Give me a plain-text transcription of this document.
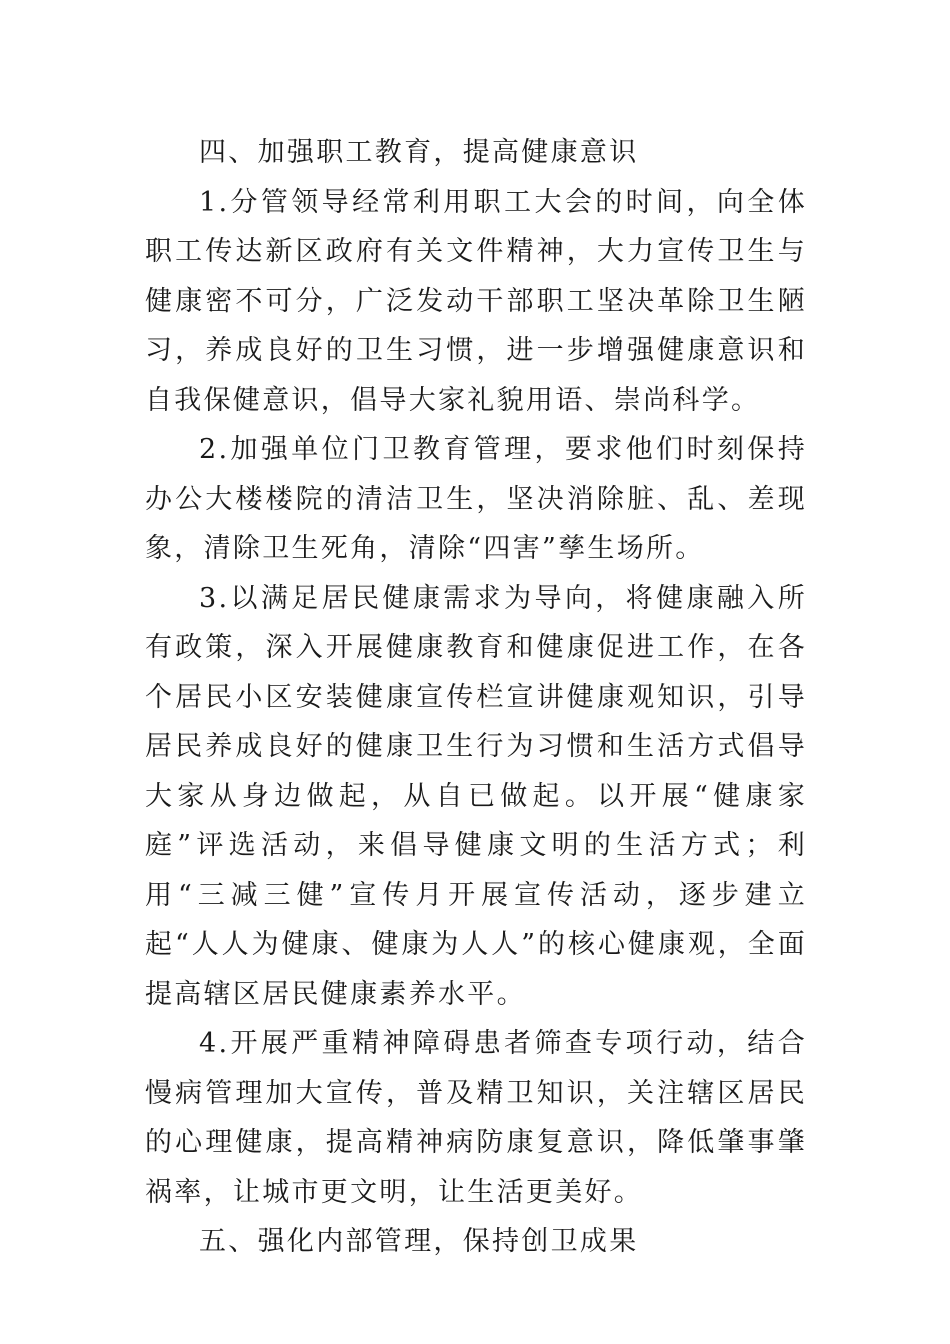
四、加强职工教育，提高健康意识

1.分管领导经常利用职工大会的时间，向全体职工传达新区政府有关文件精神，大力宣传卫生与健康密不可分，广泛发动干部职工坚决革除卫生陋习，养成良好的卫生习惯，进一步增强健康意识和自我保健意识，倡导大家礼貌用语、崇尚科学。

2.加强单位门卫教育管理，要求他们时刻保持办公大楼楼院的清洁卫生，坚决消除脏、乱、差现象，清除卫生死角，清除“四害”孳生场所。

3.以满足居民健康需求为导向，将健康融入所有政策，深入开展健康教育和健康促进工作，在各个居民小区安装健康宣传栏宣讲健康观知识，引导居民养成良好的健康卫生行为习惯和生活方式倡导大家从身边做起，从自已做起。以开展“健康家庭”评选活动，来倡导健康文明的生活方式；利用“三减三健”宣传月开展宣传活动，逐步建立起“人人为健康、健康为人人”的核心健康观，全面提高辖区居民健康素养水平。

4.开展严重精神障碍患者筛查专项行动，结合慢病管理加大宣传，普及精卫知识，关注辖区居民的心理健康，提高精神病防康复意识，降低肇事肇祸率，让城市更文明，让生活更美好。

五、强化内部管理，保持创卫成果
